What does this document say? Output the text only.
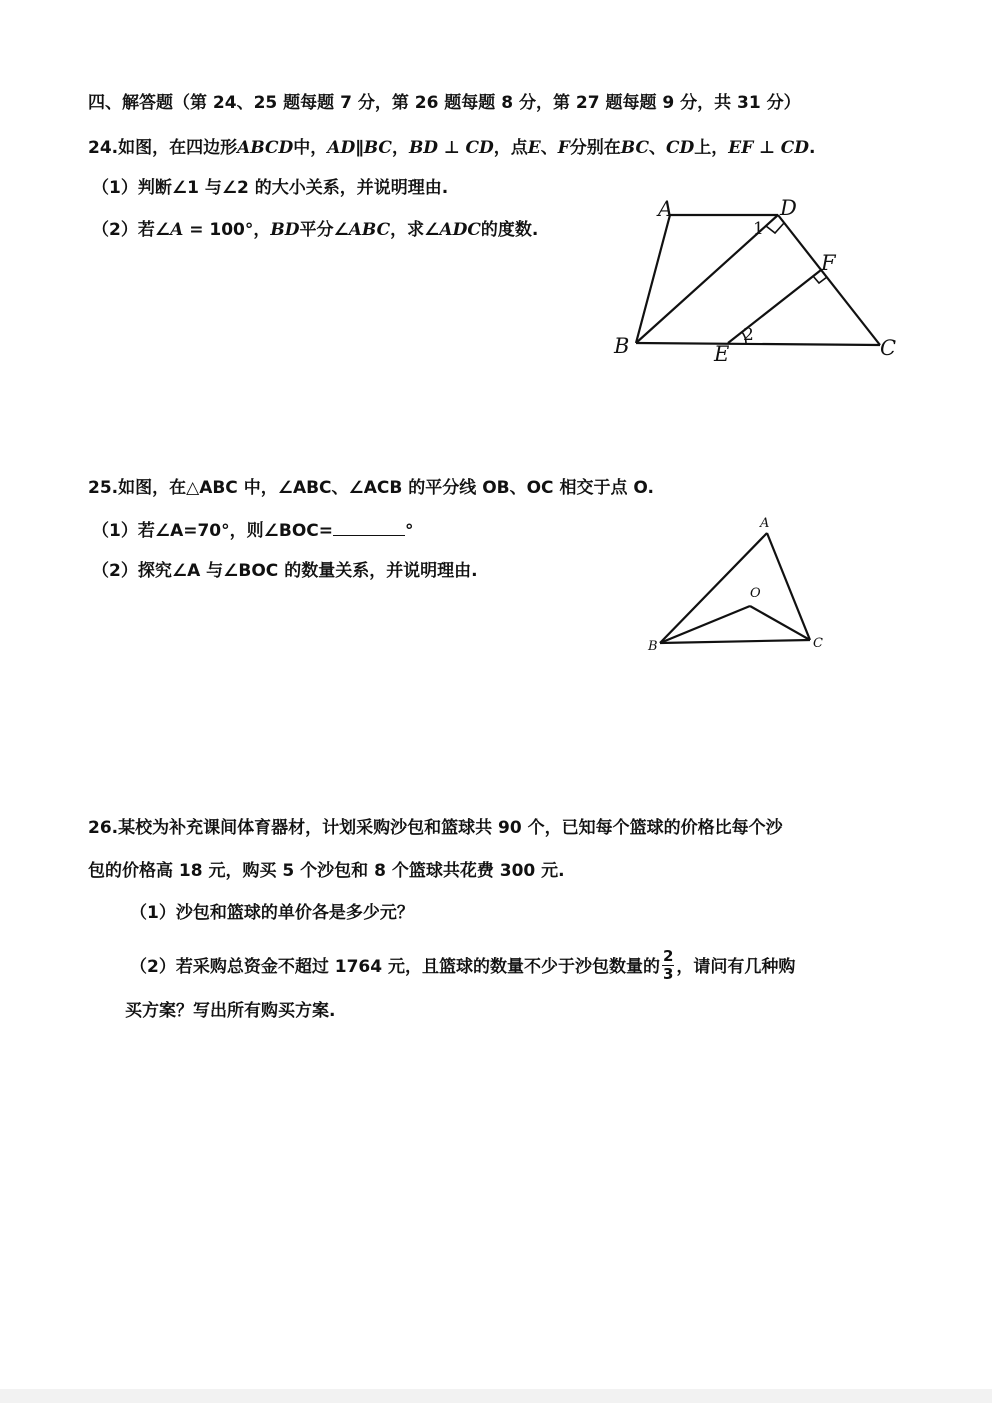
四、解答题（第 24、25 题每题 7 分，第 26 题每题 8 分，第 27 题每题 9 分，共 31 分）
24.如图，在四边形ABCD中，AD∥BC，BD ⊥ CD，点E、F分别在BC、CD上，EF ⊥ CD.
（1）判断∠1 与∠2 的大小关系，并说明理由.
（2）若∠A = 100°，BD平分∠ABC，求∠ADC的度数.
A	D
B	C
E
F
1
2
25.如图，在△ABC 中，∠ABC、∠ACB 的平分线 OB、OC 相交于点 O.
（1）若∠A=70°，则∠BOC=	°
（2）探究∠A 与∠BOC 的数量关系，并说明理由.
A
B	C
O
26.某校为补充课间体育器材，计划采购沙包和篮球共 90 个，已知每个篮球的价格比每个沙
包的价格高 18 元，购买 5 个沙包和 8 个篮球共花费 300 元.
（1）沙包和篮球的单价各是多少元？
（2）若采购总资金不超过 1764 元，且篮球的数量不少于沙包数量的 $\frac{2}{3}$ ，请问有几种购
买方案？写出所有购买方案.
